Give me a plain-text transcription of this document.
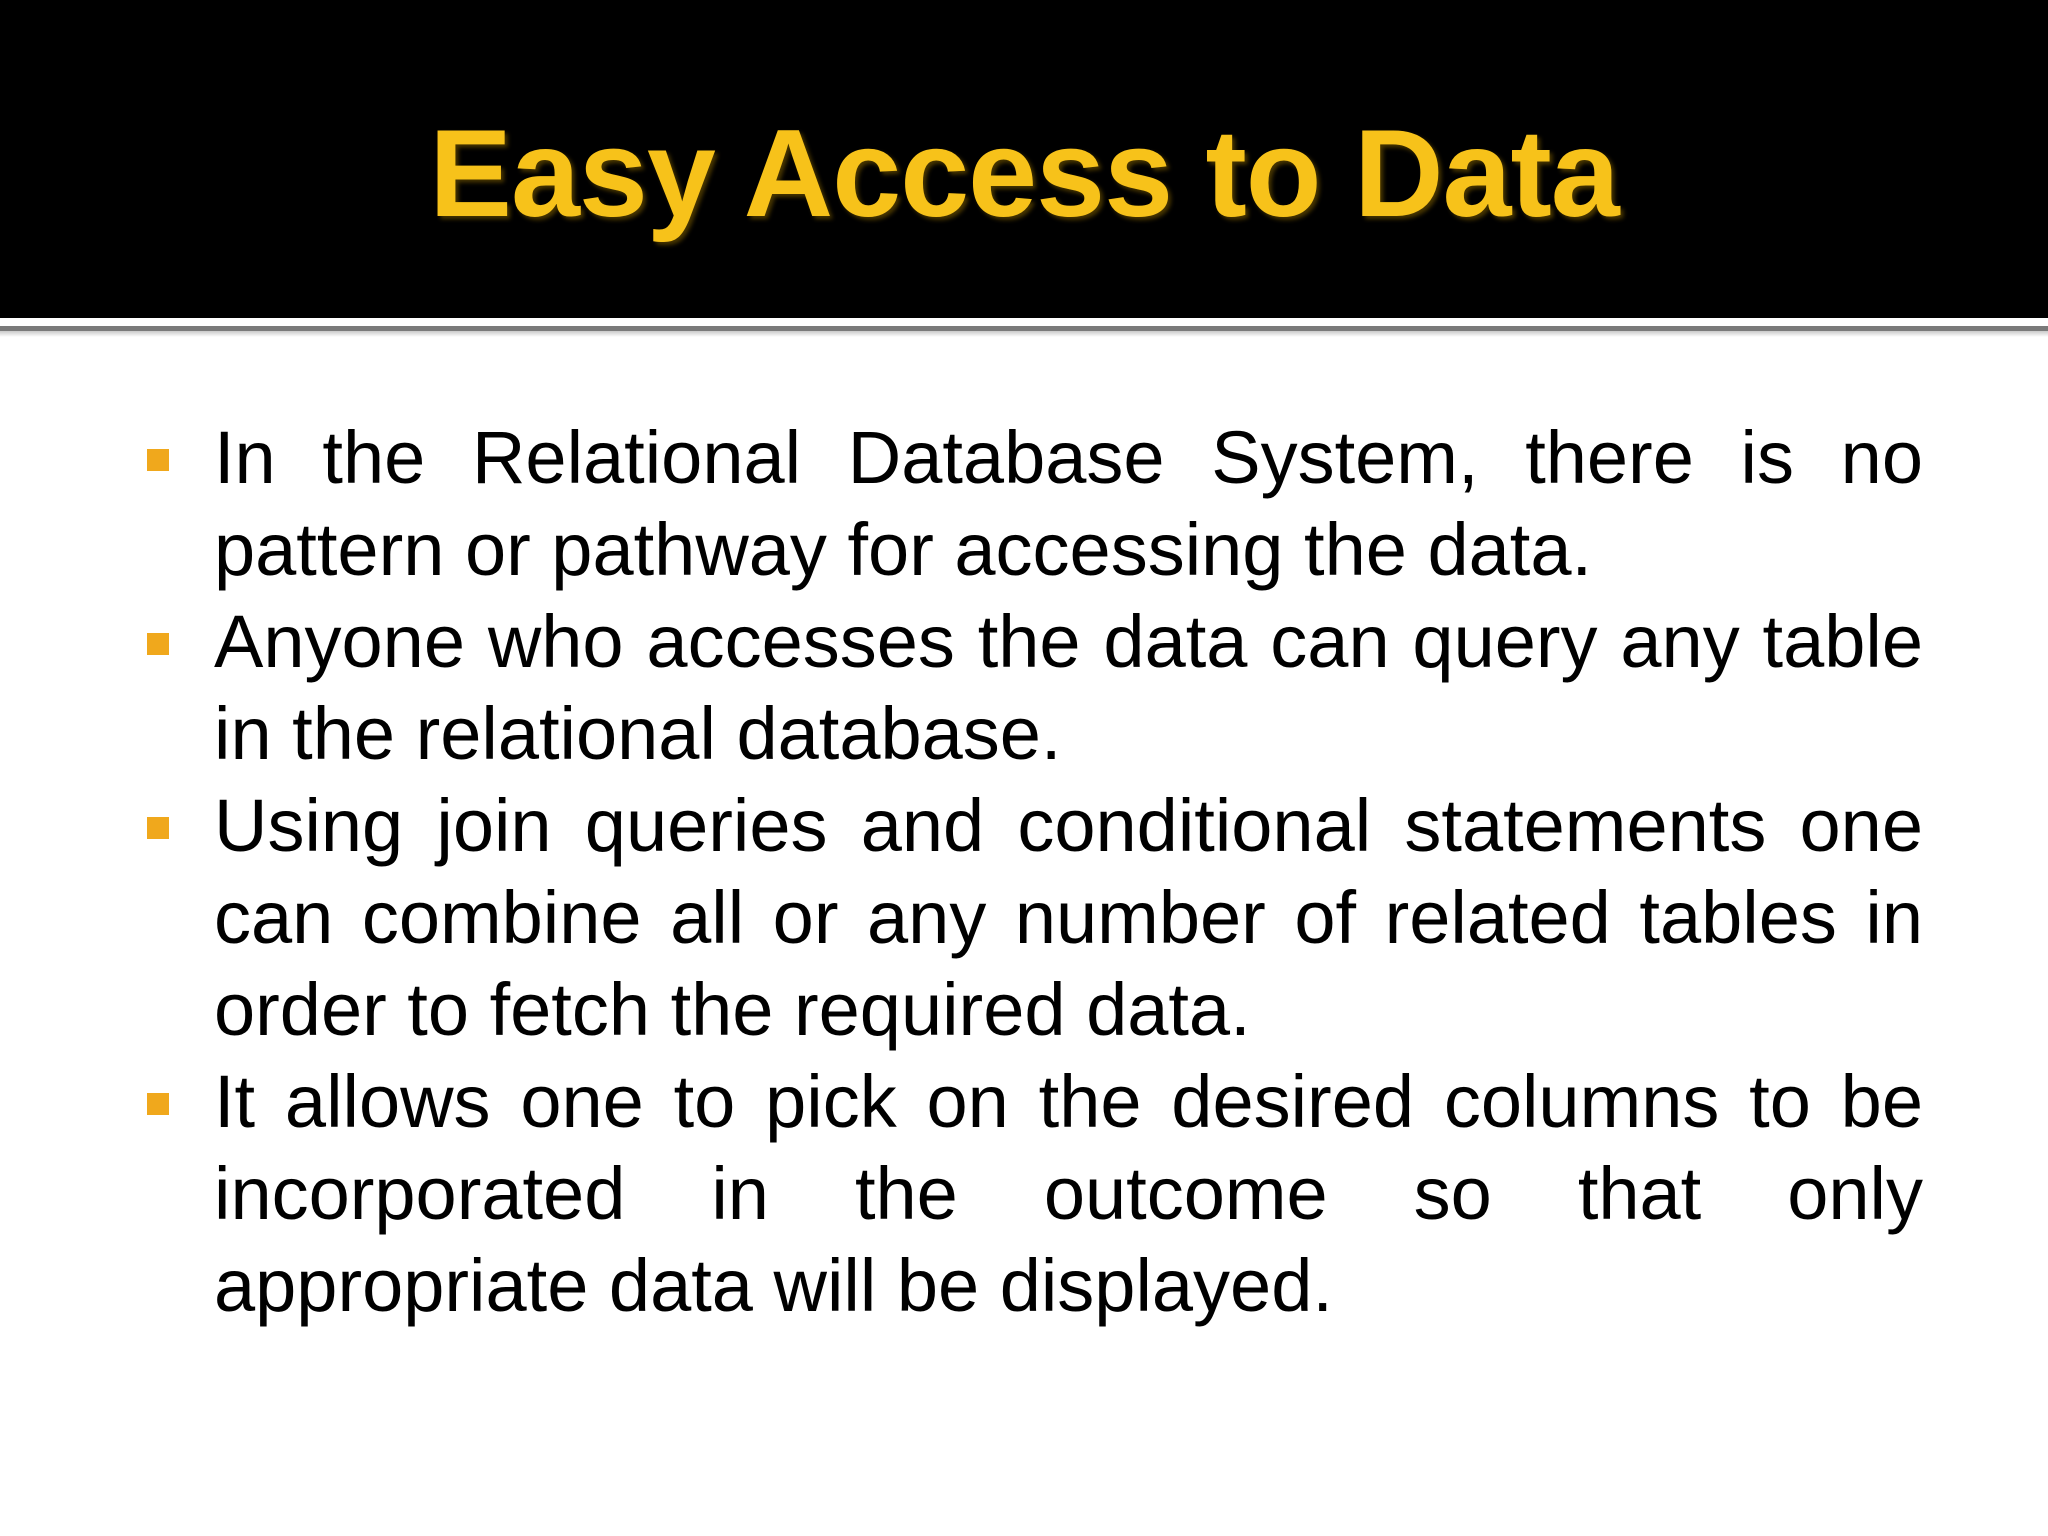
Easy Access to Data
In the Relational Database System, there is no pattern or pathway for accessing the data.
Anyone who accesses the data can query any table in the relational database.
Using join queries and conditional statements one can combine all or any number of related tables in order to fetch the required data.
It allows one to pick on the desired columns to be incorporated in the outcome so that only appropriate data will be displayed.
